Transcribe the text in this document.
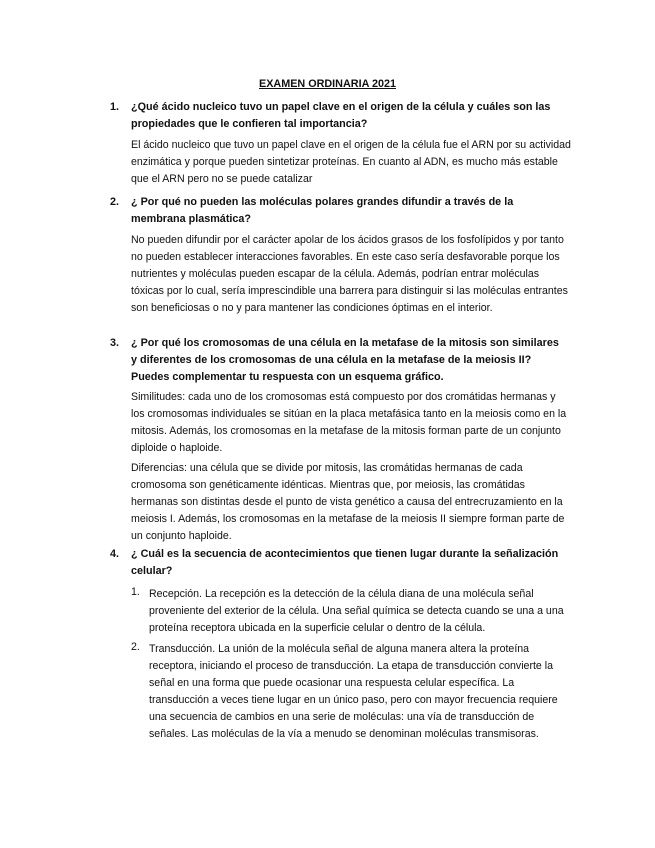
EXAMEN ORDINARIA 2021
1. ¿Qué ácido nucleico tuvo un papel clave en el origen de la célula y cuáles son las propiedades que le confieren tal importancia?
El ácido nucleico que tuvo un papel clave en el origen de la célula fue el ARN por su actividad enzimática y porque pueden sintetizar proteínas. En cuanto al ADN, es mucho más estable que el ARN pero no se puede catalizar
2. ¿ Por qué no pueden las moléculas polares grandes difundir a través de la membrana plasmática?
No pueden difundir por el carácter apolar de los ácidos grasos de los fosfolípidos y por tanto no pueden establecer interacciones favorables. En este caso sería desfavorable porque los nutrientes y moléculas pueden escapar de la célula. Además, podrían entrar moléculas tóxicas por lo cual, sería imprescindible una barrera para distinguir si las moléculas entrantes son beneficiosas o no y para mantener las condiciones óptimas en el interior.
3. ¿ Por qué los cromosomas de una célula en la metafase de la mitosis son similares y diferentes de los cromosomas de una célula en la metafase de la meiosis II? Puedes complementar tu respuesta con un esquema gráfico.
Similitudes: cada uno de los cromosomas está compuesto por dos cromátidas hermanas y los cromosomas individuales se sitúan en la placa metafásica tanto en la meiosis como en la mitosis. Además, los cromosomas en la metafase de la mitosis forman parte de un conjunto diploide o haploide.
Diferencias: una célula que se divide por mitosis, las cromátidas hermanas de cada cromosoma son genéticamente idénticas. Mientras que, por meiosis, las cromátidas hermanas son distintas desde el punto de vista genético a causa del entrecruzamiento en la meiosis I. Además, los cromosomas en la metafase de la meiosis II siempre forman parte de un conjunto haploide.
4. ¿ Cuál es la secuencia de acontecimientos que tienen lugar durante la señalización celular?
1. Recepción. La recepción es la detección de la célula diana de una molécula señal proveniente del exterior de la célula. Una señal química se detecta cuando se una a una proteína receptora ubicada en la superficie celular o dentro de la célula.
2. Transducción. La unión de la molécula señal de alguna manera altera la proteína receptora, iniciando el proceso de transducción. La etapa de transducción convierte la señal en una forma que puede ocasionar una respuesta celular específica. La transducción a veces tiene lugar en un único paso, pero con mayor frecuencia requiere una secuencia de cambios en una serie de moléculas: una vía de transducción de señales. Las moléculas de la vía a menudo se denominan moléculas transmisoras.
